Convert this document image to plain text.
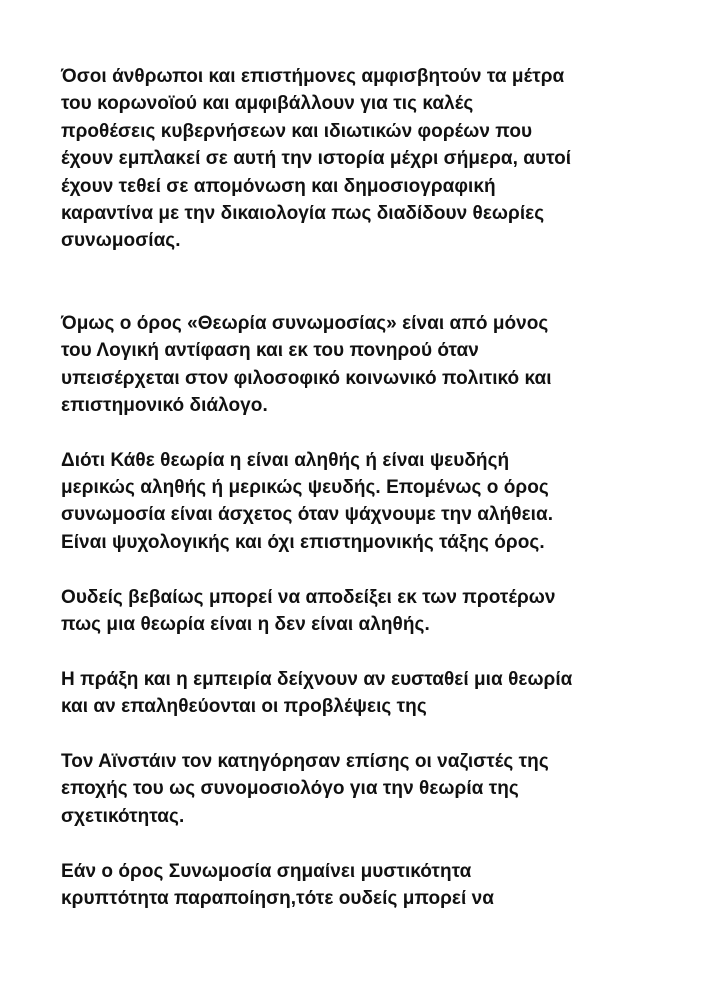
Όσοι άνθρωποι και επιστήμονες αμφισβητούν τα μέτρα
του κορωνοϊού και αμφιβάλλουν για τις καλές
προθέσεις κυβερνήσεων και ιδιωτικών φορέων που
έχουν εμπλακεί σε αυτή την ιστορία μέχρι σήμερα, αυτοί
έχουν τεθεί σε απομόνωση και δημοσιογραφική
καραντίνα με την δικαιολογία πως διαδίδουν θεωρίες
συνωμοσίας.
Όμως ο όρος «Θεωρία συνωμοσίας» είναι από μόνος
του Λογική αντίφαση και εκ του πονηρού όταν
υπεισέρχεται στον φιλοσοφικό κοινωνικό πολιτικό και
επιστημονικό διάλογο.
Διότι Κάθε θεωρία η είναι αληθής ή είναι ψευδήςή
μερικώς αληθής ή μερικώς ψευδής. Επομένως ο όρος
συνωμοσία είναι άσχετος όταν ψάχνουμε την αλήθεια.
Είναι ψυχολογικής και όχι επιστημονικής τάξης όρος.
Ουδείς βεβαίως μπορεί να αποδείξει εκ των προτέρων
πως μια θεωρία είναι η δεν είναι αληθής.
Η πράξη και η εμπειρία δείχνουν αν ευσταθεί μια θεωρία
και αν επαληθεύονται οι προβλέψεις της
Τον Αϊνστάιν τον κατηγόρησαν επίσης οι ναζιστές της
εποχής του ως συνομοσιολόγο για την θεωρία της
σχετικότητας.
Εάν ο όρος Συνωμοσία σημαίνει μυστικότητα
κρυπτότητα παραποίηση,τότε ουδείς μπορεί να
